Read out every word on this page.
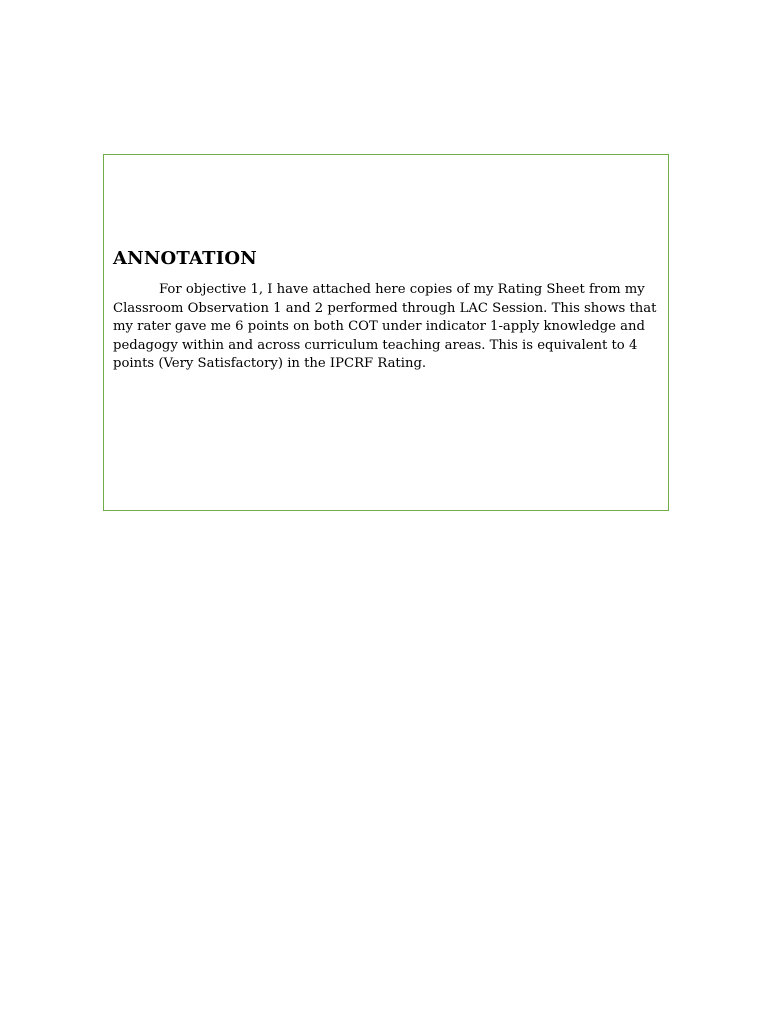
ANNOTATION

For objective 1, I have attached here copies of my Rating Sheet from my Classroom Observation 1 and 2 performed through LAC Session. This shows that my rater gave me 6 points on both COT under indicator 1-apply knowledge and pedagogy within and across curriculum teaching areas. This is equivalent to 4 points (Very Satisfactory) in the IPCRF Rating.
